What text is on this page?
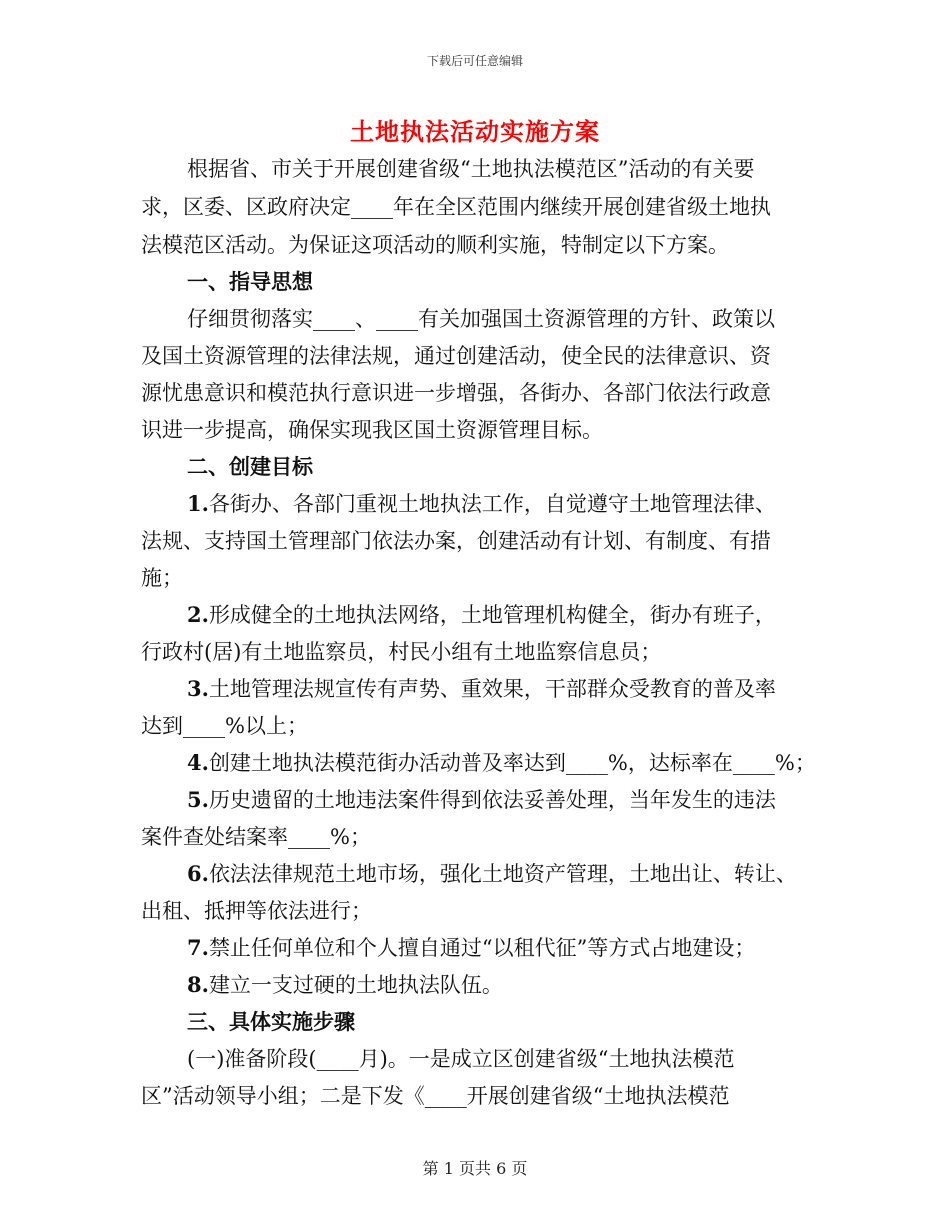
下载后可任意编辑
土地执法活动实施方案
根据省、市关于开展创建省级“土地执法模范区”活动的有关要
求，区委、区政府决定____年在全区范围内继续开展创建省级土地执
法模范区活动。为保证这项活动的顺利实施，特制定以下方案。
一、指导思想
仔细贯彻落实____、____有关加强国土资源管理的方针、政策以
及国土资源管理的法律法规，通过创建活动，使全民的法律意识、资
源忧患意识和模范执行意识进一步增强，各街办、各部门依法行政意
识进一步提高，确保实现我区国土资源管理目标。
二、创建目标
1.各街办、各部门重视土地执法工作，自觉遵守土地管理法律、
法规、支持国土管理部门依法办案，创建活动有计划、有制度、有措
施；
2.形成健全的土地执法网络，土地管理机构健全，街办有班子，
行政村(居)有土地监察员，村民小组有土地监察信息员；
3.土地管理法规宣传有声势、重效果，干部群众受教育的普及率
达到____%以上；
4.创建土地执法模范街办活动普及率达到____%，达标率在____%；
5.历史遗留的土地违法案件得到依法妥善处理，当年发生的违法
案件查处结案率____%；
6.依法法律规范土地市场，强化土地资产管理，土地出让、转让、
出租、抵押等依法进行；
7.禁止任何单位和个人擅自通过“以租代征”等方式占地建设；
8.建立一支过硬的土地执法队伍。
三、具体实施步骤
(一)准备阶段(____月)。一是成立区创建省级“土地执法模范
区”活动领导小组；二是下发《____开展创建省级“土地执法模范
第 1 页共 6 页
